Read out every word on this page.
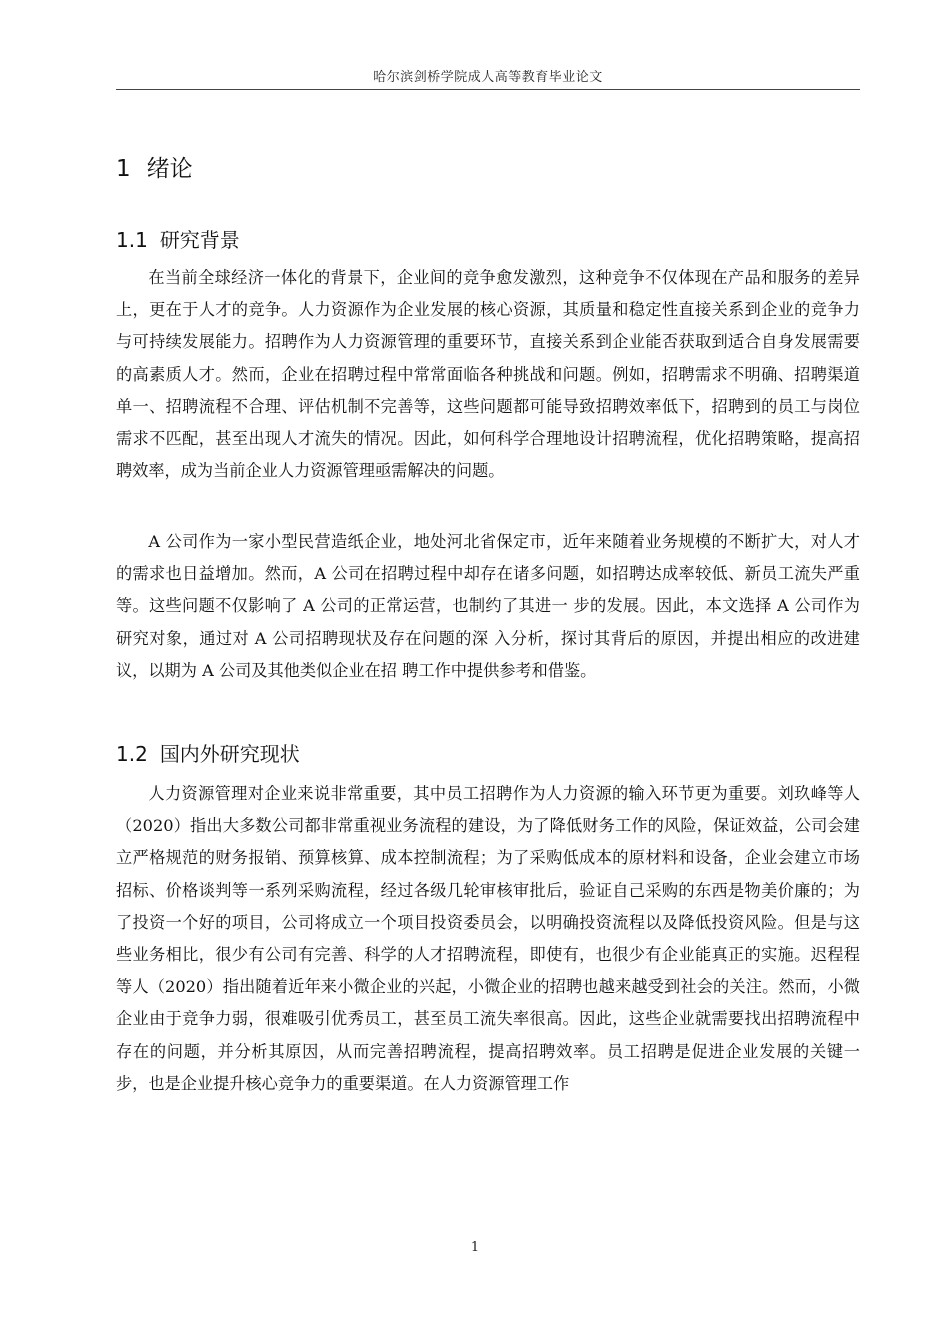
哈尔滨剑桥学院成人高等教育毕业论文
1 绪论
1.1 研究背景

在当前全球经济一体化的背景下，企业间的竞争愈发激烈，这种竞争不仅体现在产品和服务的差异上，更在于人才的竞争。人力资源作为企业发展的核心资源，其质量和稳定性直接关系到企业的竞争力与可持续发展能力。招聘作为人力资源管理的重要环节，直接关系到企业能否获取到适合自身发展需要的高素质人才。然而，企业在招聘过程中常常面临各种挑战和问题。例如，招聘需求不明确、招聘渠道单一、招聘流程不合理、评估机制不完善等，这些问题都可能导致招聘效率低下，招聘到的员工与岗位需求不匹配，甚至出现人才流失的情况。因此，如何科学合理地设计招聘流程，优化招聘策略，提高招聘效率，成为当前企业人力资源管理亟需解决的问题。

A 公司作为一家小型民营造纸企业，地处河北省保定市，近年来随着业务规模的不断扩大，对人才的需求也日益增加。然而，A 公司在招聘过程中却存在诸多问题，如招聘达成率较低、新员工流失严重等。这些问题不仅影响了 A 公司的正常运营，也制约了其进一 步的发展。因此，本文选择 A 公司作为研究对象，通过对 A 公司招聘现状及存在问题的深 入分析，探讨其背后的原因，并提出相应的改进建议，以期为 A 公司及其他类似企业在招 聘工作中提供参考和借鉴。

1.2 国内外研究现状

人力资源管理对企业来说非常重要，其中员工招聘作为人力资源的输入环节更为重要。刘玖峰等人（2020）指出大多数公司都非常重视业务流程的建设，为了降低财务工作的风险，保证效益，公司会建立严格规范的财务报销、预算核算、成本控制流程；为了采购低成本的原材料和设备，企业会建立市场招标、价格谈判等一系列采购流程，经过各级几轮审核审批后，验证自己采购的东西是物美价廉的；为了投资一个好的项目，公司将成立一个项目投资委员会，以明确投资流程以及降低投资风险。但是与这些业务相比，很少有公司有完善、科学的人才招聘流程，即使有，也很少有企业能真正的实施。迟程程等人（2020）指出随着近年来小微企业的兴起，小微企业的招聘也越来越受到社会的关注。然而，小微企业由于竞争力弱，很难吸引优秀员工，甚至员工流失率很高。因此，这些企业就需要找出招聘流程中存在的问题，并分析其原因，从而完善招聘流程，提高招聘效率。员工招聘是促进企业发展的关键一步，也是企业提升核心竞争力的重要渠道。在人力资源管理工作

1
